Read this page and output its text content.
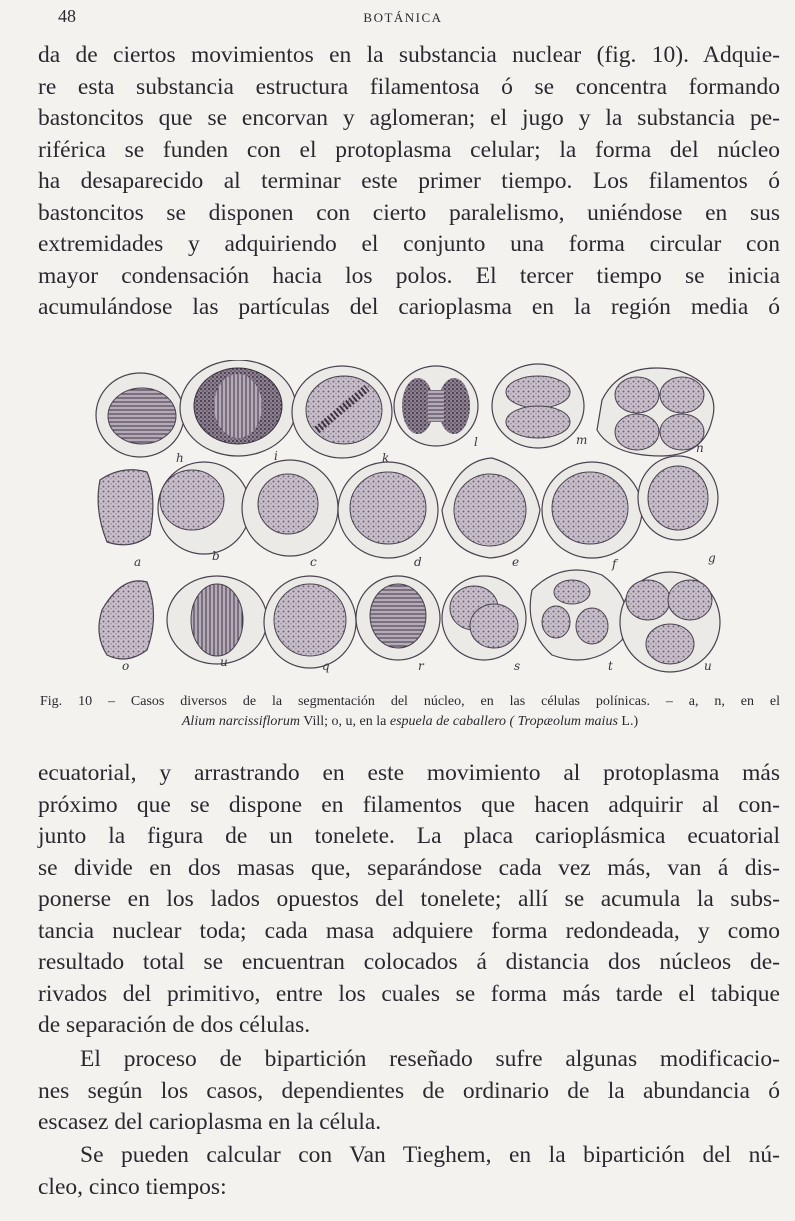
48	BOTÁNICA
da de ciertos movimientos en la substancia nuclear (fig. 10). Adquie-
re esta substancia estructura filamentosa ó se concentra formando
bastoncitos que se encorvan y aglomeran; el jugo y la substancia pe-
riférica se funden con el protoplasma celular; la forma del núcleo
ha desaparecido al terminar este primer tiempo. Los filamentos ó
bastoncitos se disponen con cierto paralelismo, uniéndose en sus
extremidades y adquiriendo el conjunto una forma circular con
mayor condensación hacia los polos. El tercer tiempo se inicia
acumulándose las partículas del carioplasma en la región media ó
h	i	k
l	m
n
a	b	c	d	e	f	g
o	u	q	r	s	t	u
Fig. 10 – Casos diversos de la segmentación del núcleo, en las células polínicas. – a, n, en el
Alium narcissiflorum Vill; o, u, en la espuela de caballero ( Tropæolum maius L.)
ecuatorial, y arrastrando en este movimiento al protoplasma más
próximo que se dispone en filamentos que hacen adquirir al con-
junto la figura de un tonelete. La placa carioplásmica ecuatorial
se divide en dos masas que, separándose cada vez más, van á dis-
ponerse en los lados opuestos del tonelete; allí se acumula la subs-
tancia nuclear toda; cada masa adquiere forma redondeada, y como
resultado total se encuentran colocados á distancia dos núcleos de-
rivados del primitivo, entre los cuales se forma más tarde el tabique
de separación de dos células.
El proceso de bipartición reseñado sufre algunas modificacio-
nes según los casos, dependientes de ordinario de la abundancia ó
escasez del carioplasma en la célula.
Se pueden calcular con Van Tieghem, en la bipartición del nú-
cleo, cinco tiempos:
